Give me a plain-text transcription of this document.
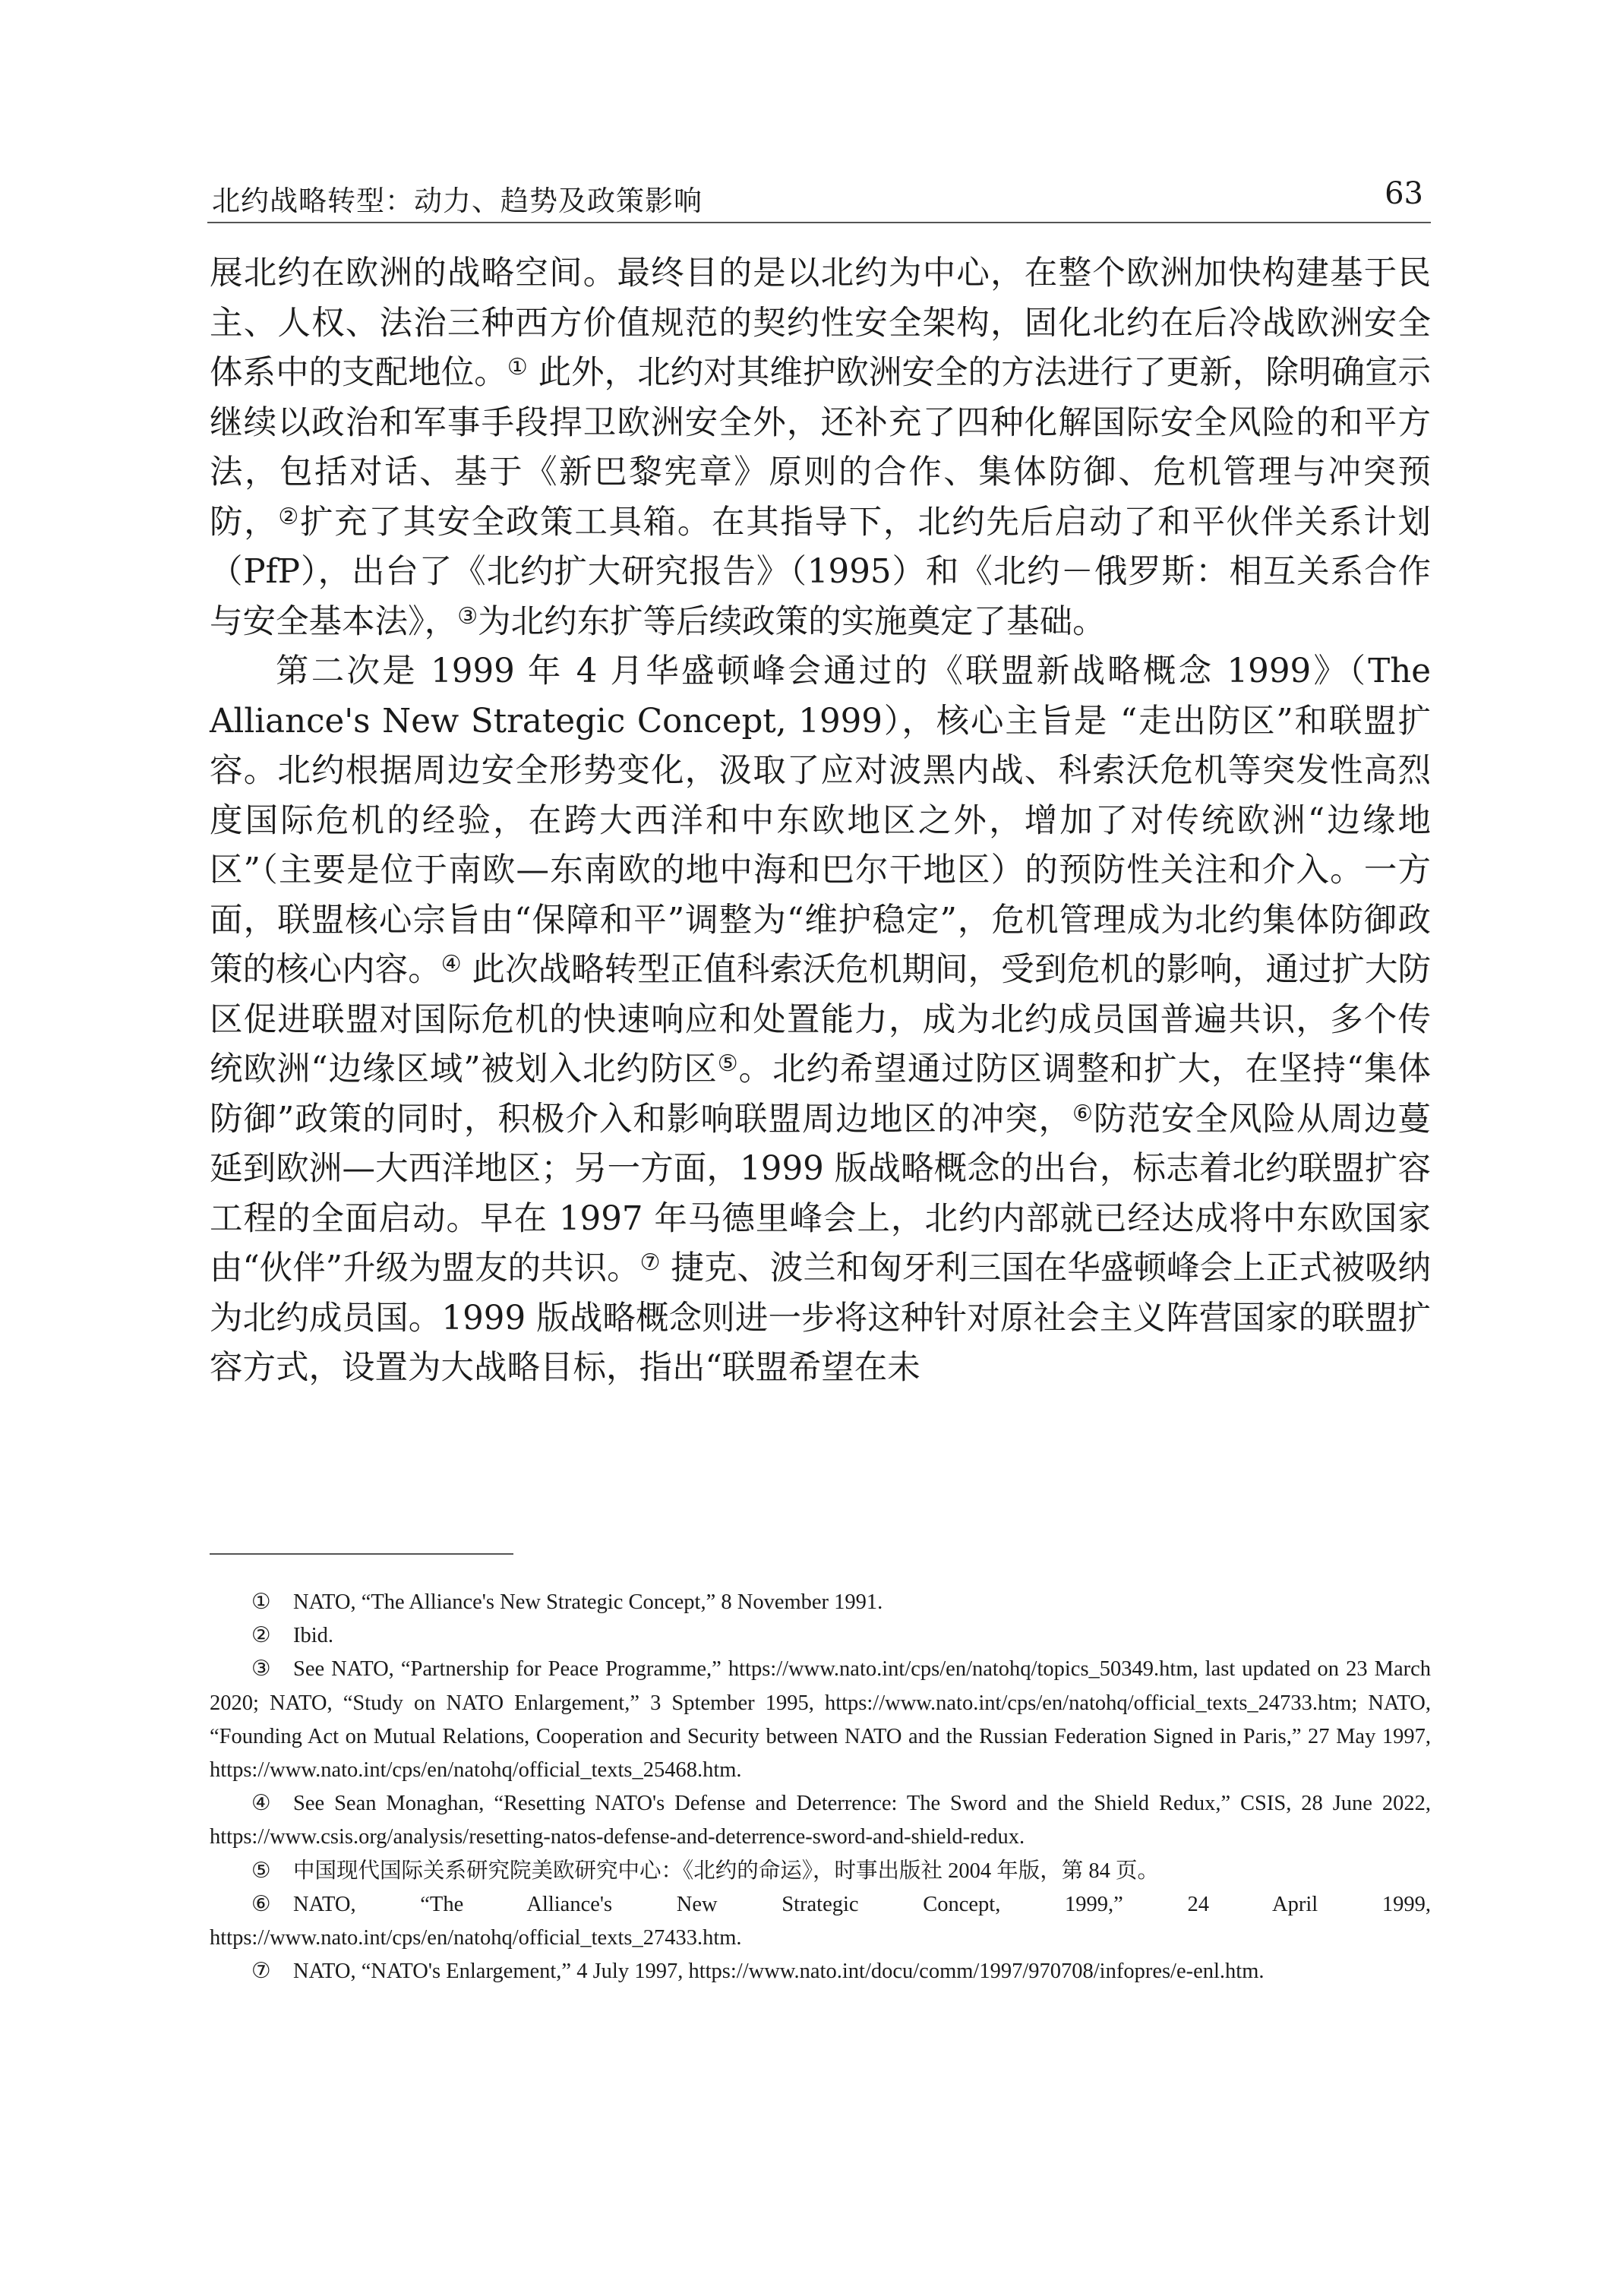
北约战略转型：动力、趋势及政策影响	63

展北约在欧洲的战略空间。最终目的是以北约为中心，在整个欧洲加快构建基于民主、人权、法治三种西方价值规范的契约性安全架构，固化北约在后冷战欧洲安全体系中的支配地位。① 此外，北约对其维护欧洲安全的方法进行了更新，除明确宣示继续以政治和军事手段捍卫欧洲安全外，还补充了四种化解国际安全风险的和平方法，包括对话、基于《新巴黎宪章》原则的合作、集体防御、危机管理与冲突预防，②扩充了其安全政策工具箱。在其指导下，北约先后启动了和平伙伴关系计划（PfP），出台了《北约扩大研究报告》（1995）和《北约－俄罗斯：相互关系合作与安全基本法》，③为北约东扩等后续政策的实施奠定了基础。

第二次是 1999 年 4 月华盛顿峰会通过的《联盟新战略概念 1999》（The Alliance's New Strategic Concept, 1999），核心主旨是 “走出防区”和联盟扩容。北约根据周边安全形势变化，汲取了应对波黑内战、科索沃危机等突发性高烈度国际危机的经验，在跨大西洋和中东欧地区之外，增加了对传统欧洲“边缘地区”（主要是位于南欧—东南欧的地中海和巴尔干地区）的预防性关注和介入。一方面，联盟核心宗旨由“保障和平”调整为“维护稳定”，危机管理成为北约集体防御政策的核心内容。④ 此次战略转型正值科索沃危机期间，受到危机的影响，通过扩大防区促进联盟对国际危机的快速响应和处置能力，成为北约成员国普遍共识，多个传统欧洲“边缘区域”被划入北约防区⑤。北约希望通过防区调整和扩大，在坚持“集体防御”政策的同时，积极介入和影响联盟周边地区的冲突，⑥防范安全风险从周边蔓延到欧洲—大西洋地区；另一方面，1999 版战略概念的出台，标志着北约联盟扩容工程的全面启动。早在 1997 年马德里峰会上，北约内部就已经达成将中东欧国家由“伙伴”升级为盟友的共识。⑦ 捷克、波兰和匈牙利三国在华盛顿峰会上正式被吸纳为北约成员国。1999 版战略概念则进一步将这种针对原社会主义阵营国家的联盟扩容方式，设置为大战略目标，指出“联盟希望在未

① NATO, “The Alliance's New Strategic Concept,” 8 November 1991.

② Ibid.

③ See NATO, “Partnership for Peace Programme,” https://www.nato.int/cps/en/natohq/topics_50349.htm, last updated on 23 March 2020; NATO, “Study on NATO Enlargement,” 3 Sptember 1995, https://www.nato.int/cps/en/natohq/official_texts_24733.htm; NATO, “Founding Act on Mutual Relations, Cooperation and Security between NATO and the Russian Federation Signed in Paris,” 27 May 1997, https://www.nato.int/cps/en/natohq/official_texts_25468.htm.

④ See Sean Monaghan, “Resetting NATO's Defense and Deterrence: The Sword and the Shield Redux,” CSIS, 28 June 2022, https://www.csis.org/analysis/resetting-natos-defense-and-deterrence-sword-and-shield-redux.

⑤ 中国现代国际关系研究院美欧研究中心：《北约的命运》，时事出版社 2004 年版，第 84 页。

⑥ NATO, “The Alliance's New Strategic Concept, 1999,” 24 April 1999, https://www.nato.int/cps/en/natohq/official_texts_27433.htm.

⑦ NATO, “NATO's Enlargement,” 4 July 1997, https://www.nato.int/docu/comm/1997/970708/infopres/e-enl.htm.
